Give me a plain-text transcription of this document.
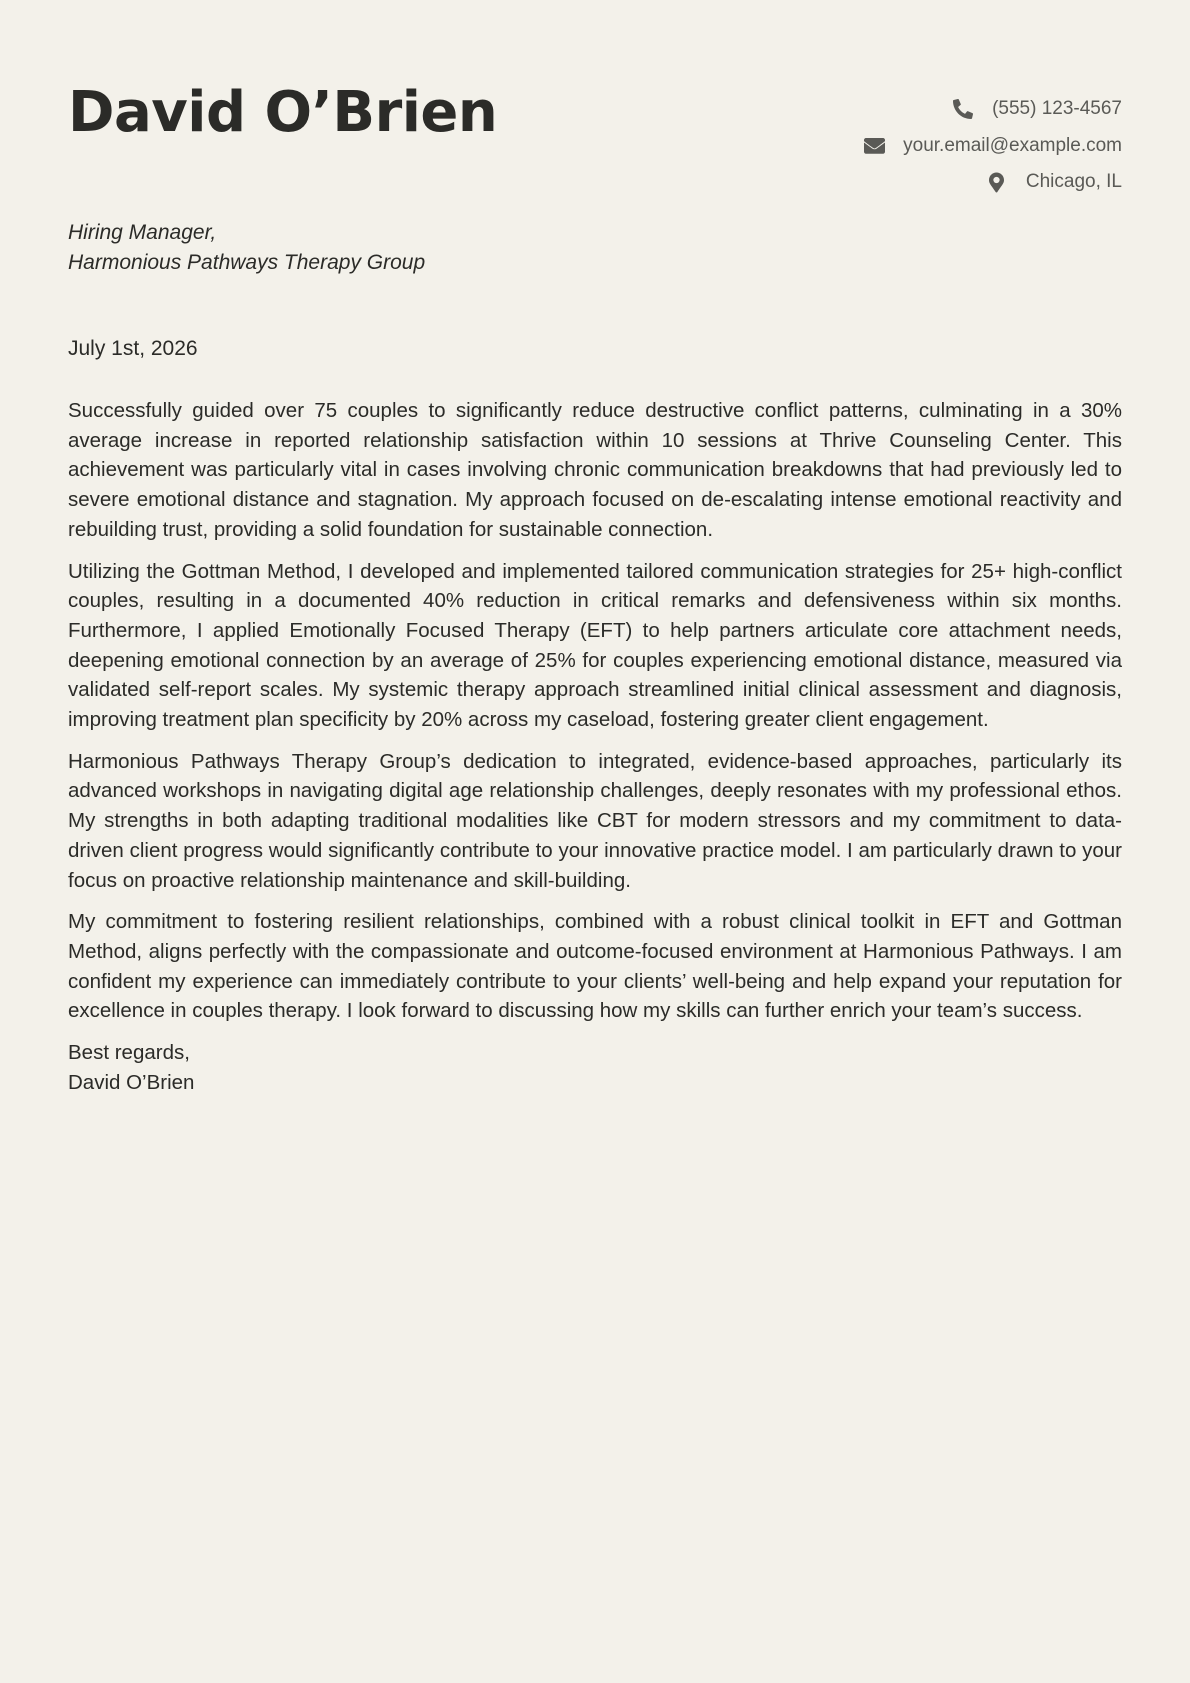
David O’Brien	(555) 123-4567
your.email@example.com
Chicago, IL
Hiring Manager,
Harmonious Pathways Therapy Group
July 1st, 2026

Successfully guided over 75 couples to significantly reduce destructive conflict patterns, culminating in a 30% average increase in reported relationship satisfaction within 10 sessions at Thrive Counseling Center. This achievement was particularly vital in cases involving chronic communication breakdowns that had previously led to severe emotional distance and stagnation. My approach focused on de-escalating intense emotional reactivity and rebuilding trust, providing a solid foundation for sustainable connection.

Utilizing the Gottman Method, I developed and implemented tailored communication strategies for 25+ high-conflict couples, resulting in a documented 40% reduction in critical remarks and defensiveness within six months. Furthermore, I applied Emotionally Focused Therapy (EFT) to help partners articulate core attachment needs, deepening emotional connection by an average of 25% for couples experiencing emotional distance, measured via validated self-report scales. My systemic therapy approach streamlined initial clinical assessment and diagnosis, improving treatment plan specificity by 20% across my caseload, fostering greater client engagement.

Harmonious Pathways Therapy Group’s dedication to integrated, evidence-based approaches, particularly its advanced workshops in navigating digital age relationship challenges, deeply resonates with my professional ethos. My strengths in both adapting traditional modalities like CBT for modern stressors and my commitment to data-driven client progress would significantly contribute to your innovative practice model. I am particularly drawn to your focus on proactive relationship maintenance and skill-building.

My commitment to fostering resilient relationships, combined with a robust clinical toolkit in EFT and Gottman Method, aligns perfectly with the compassionate and outcome-focused environment at Harmonious Pathways. I am confident my experience can immediately contribute to your clients’ well-being and help expand your reputation for excellence in couples therapy. I look forward to discussing how my skills can further enrich your team’s success.

Best regards,
David O’Brien
